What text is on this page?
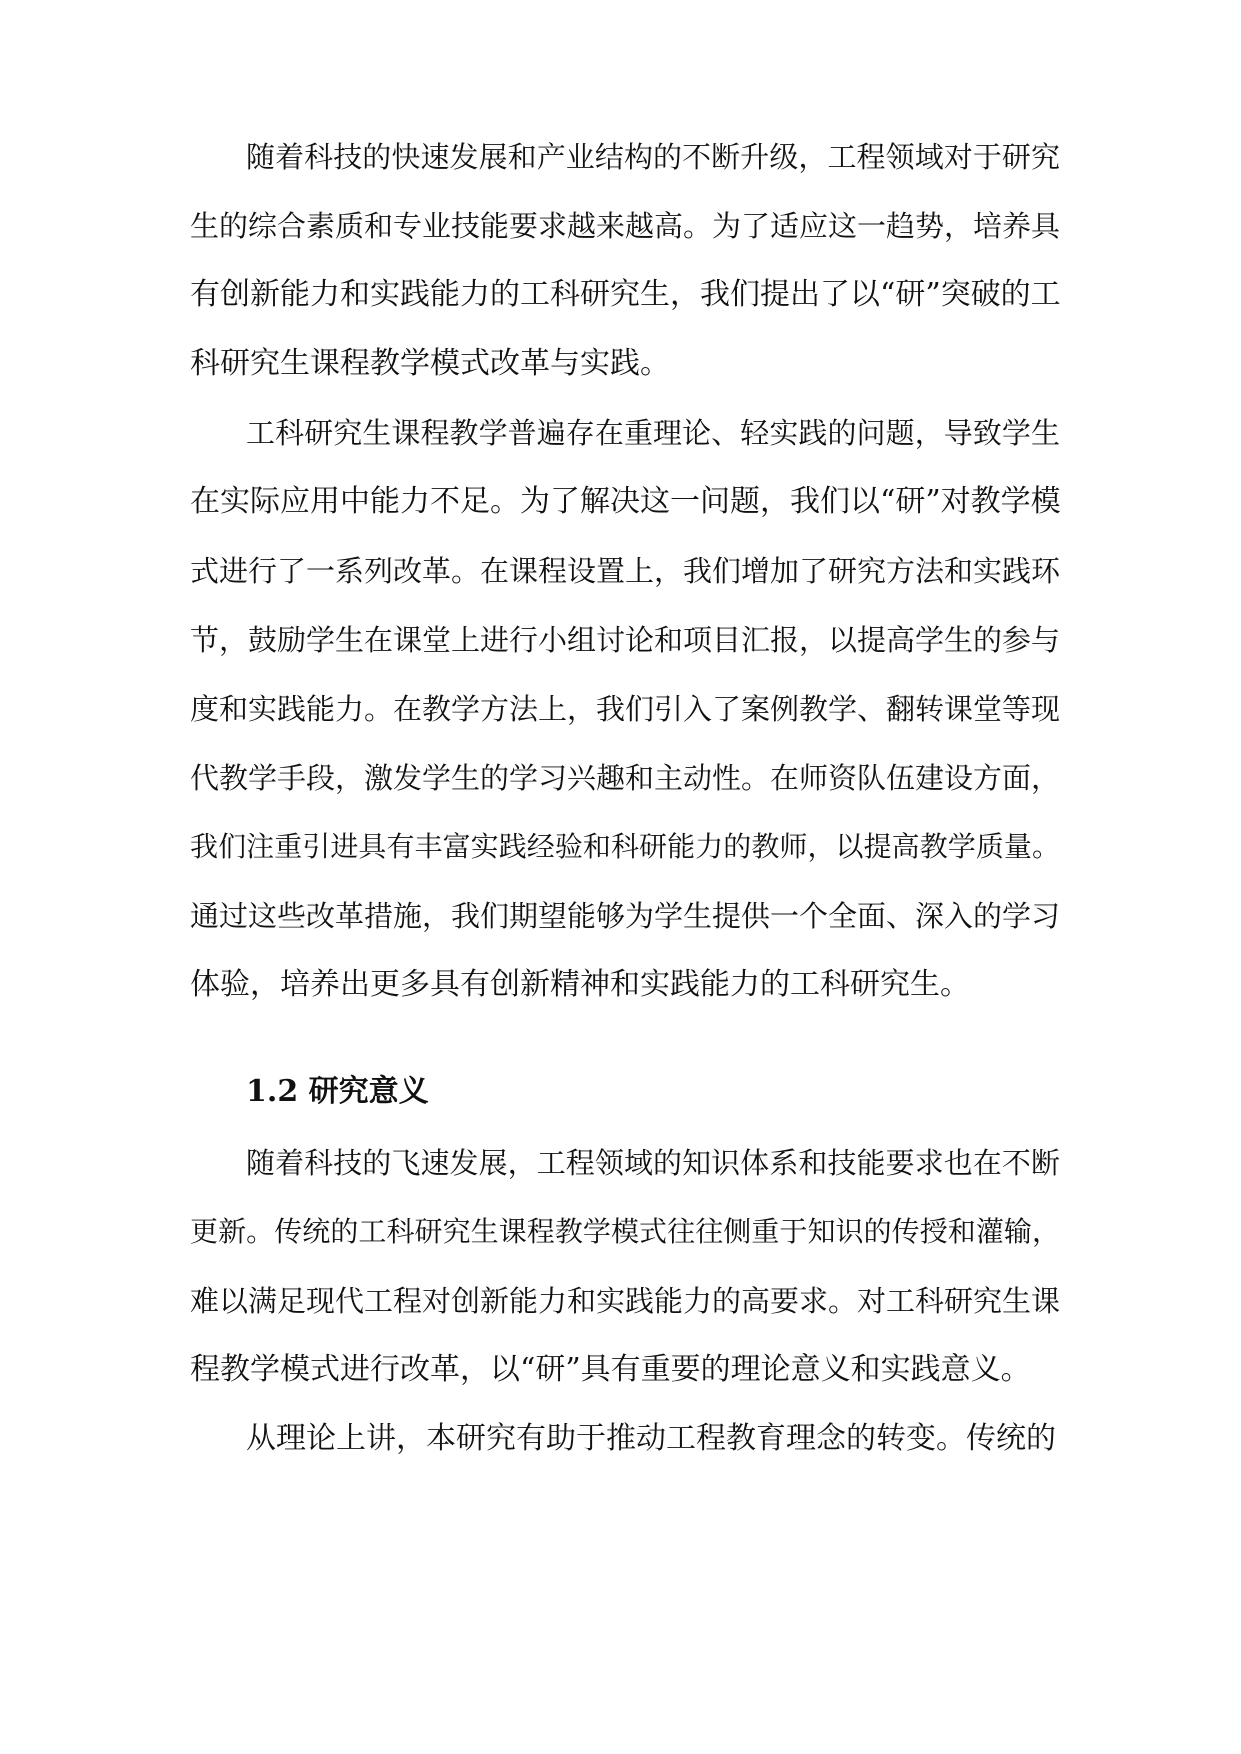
随着科技的快速发展和产业结构的不断升级，工程领域对于研究
生的综合素质和专业技能要求越来越高。为了适应这一趋势，培养具
有创新能力和实践能力的工科研究生，我们提出了以“研”突破的工
科研究生课程教学模式改革与实践。
工科研究生课程教学普遍存在重理论、轻实践的问题，导致学生
在实际应用中能力不足。为了解决这一问题，我们以“研”对教学模
式进行了一系列改革。在课程设置上，我们增加了研究方法和实践环
节，鼓励学生在课堂上进行小组讨论和项目汇报，以提高学生的参与
度和实践能力。在教学方法上，我们引入了案例教学、翻转课堂等现
代教学手段，激发学生的学习兴趣和主动性。在师资队伍建设方面，
我们注重引进具有丰富实践经验和科研能力的教师，以提高教学质量。
通过这些改革措施，我们期望能够为学生提供一个全面、深入的学习
体验，培养出更多具有创新精神和实践能力的工科研究生。
1.2 研究意义
随着科技的飞速发展，工程领域的知识体系和技能要求也在不断
更新。传统的工科研究生课程教学模式往往侧重于知识的传授和灌输，
难以满足现代工程对创新能力和实践能力的高要求。对工科研究生课
程教学模式进行改革，以“研”具有重要的理论意义和实践意义。
从理论上讲，本研究有助于推动工程教育理念的转变。传统的
